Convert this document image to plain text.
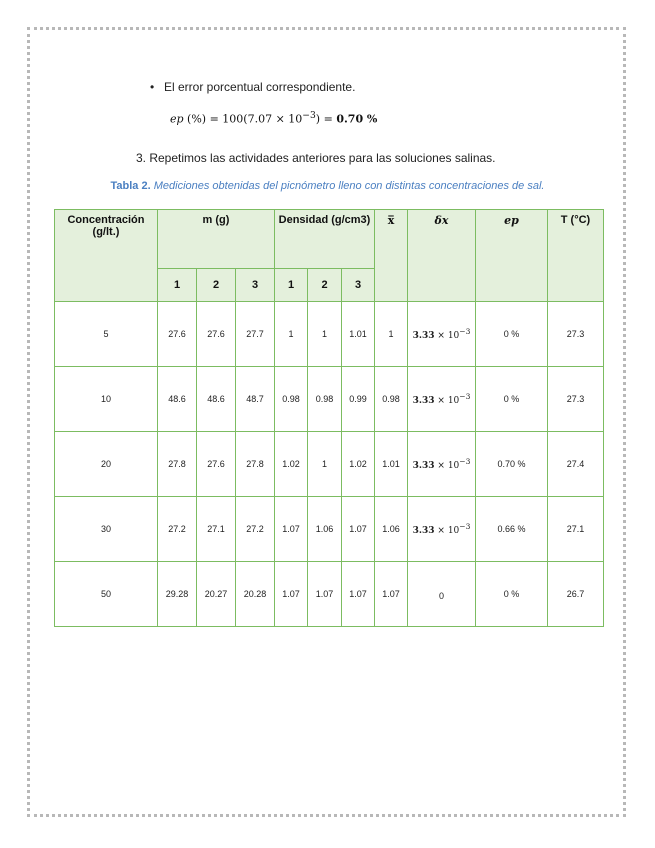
• El error porcentual correspondiente.
ep (%) = $100(7.07 \times 10^{-3}) = 0.70$ %
3. Repetimos las actividades anteriores para las soluciones salinas.
Tabla 2. Mediciones obtenidas del picnómetro lleno con distintas concentraciones de sal.
Concentración (g/lt.)	m (g)			Densidad (g/cm3)			x̅	δx	ep	T (°C)
	1	2	3	1	2	3				
5	27.6	27.6	27.7	1	1	1.01	1	$3.33 \times 10^{-3}$	0 %	27.3
10	48.6	48.6	48.7	0.98	0.98	0.99	0.98	$3.33 \times 10^{-3}$	0 %	27.3
20	27.8	27.6	27.8	1.02	1	1.02	1.01	$3.33 \times 10^{-3}$	0.70 %	27.4
30	27.2	27.1	27.2	1.07	1.06	1.07	1.06	$3.33 \times 10^{-3}$	0.66 %	27.1
50	29.28	20.27	20.28	1.07	1.07	1.07	1.07	0	0 %	26.7
